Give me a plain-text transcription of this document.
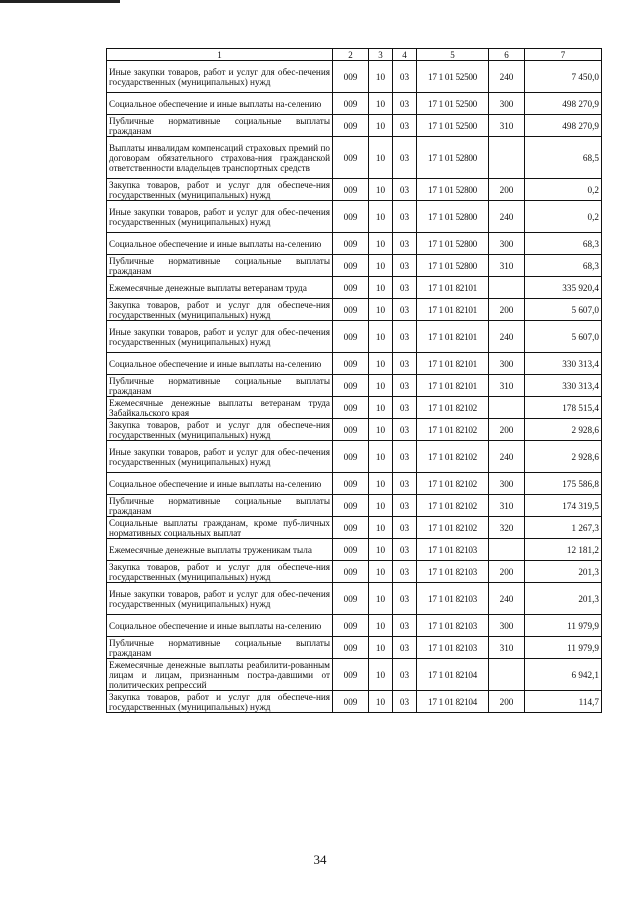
1	2	3	4	5	6	7
Иные закупки товаров, работ и услуг для обес-печения государственных (муниципальных) нужд	009	10	03	17 1 01 52500	240	7 450,0
Социальное обеспечение и иные выплаты на-селению	009	10	03	17 1 01 52500	300	498 270,9
Публичные нормативные социальные выплаты гражданам	009	10	03	17 1 01 52500	310	498 270,9
Выплаты инвалидам компенсаций страховых премий по договорам обязательного страхова-ния гражданской ответственности владельцев транспортных средств	009	10	03	17 1 01 52800		68,5
Закупка товаров, работ и услуг для обеспече-ния государственных (муниципальных) нужд	009	10	03	17 1 01 52800	200	0,2
Иные закупки товаров, работ и услуг для обес-печения государственных (муниципальных) нужд	009	10	03	17 1 01 52800	240	0,2
Социальное обеспечение и иные выплаты на-селению	009	10	03	17 1 01 52800	300	68,3
Публичные нормативные социальные выплаты гражданам	009	10	03	17 1 01 52800	310	68,3
Ежемесячные денежные выплаты ветеранам труда	009	10	03	17 1 01 82101		335 920,4
Закупка товаров, работ и услуг для обеспече-ния государственных (муниципальных) нужд	009	10	03	17 1 01 82101	200	5 607,0
Иные закупки товаров, работ и услуг для обес-печения государственных (муниципальных) нужд	009	10	03	17 1 01 82101	240	5 607,0
Социальное обеспечение и иные выплаты на-селению	009	10	03	17 1 01 82101	300	330 313,4
Публичные нормативные социальные выплаты гражданам	009	10	03	17 1 01 82101	310	330 313,4
Ежемесячные денежные выплаты ветеранам труда Забайкальского края	009	10	03	17 1 01 82102		178 515,4
Закупка товаров, работ и услуг для обеспече-ния государственных (муниципальных) нужд	009	10	03	17 1 01 82102	200	2 928,6
Иные закупки товаров, работ и услуг для обес-печения государственных (муниципальных) нужд	009	10	03	17 1 01 82102	240	2 928,6
Социальное обеспечение и иные выплаты на-селению	009	10	03	17 1 01 82102	300	175 586,8
Публичные нормативные социальные выплаты гражданам	009	10	03	17 1 01 82102	310	174 319,5
Социальные выплаты гражданам, кроме пуб-личных нормативных социальных выплат	009	10	03	17 1 01 82102	320	1 267,3
Ежемесячные денежные выплаты труженикам тыла	009	10	03	17 1 01 82103		12 181,2
Закупка товаров, работ и услуг для обеспече-ния государственных (муниципальных) нужд	009	10	03	17 1 01 82103	200	201,3
Иные закупки товаров, работ и услуг для обес-печения государственных (муниципальных) нужд	009	10	03	17 1 01 82103	240	201,3
Социальное обеспечение и иные выплаты на-селению	009	10	03	17 1 01 82103	300	11 979,9
Публичные нормативные социальные выплаты гражданам	009	10	03	17 1 01 82103	310	11 979,9
Ежемесячные денежные выплаты реабилити-рованным лицам и лицам, признанным постра-давшими от политических репрессий	009	10	03	17 1 01 82104		6 942,1
Закупка товаров, работ и услуг для обеспече-ния государственных (муниципальных) нужд	009	10	03	17 1 01 82104	200	114,7
34
